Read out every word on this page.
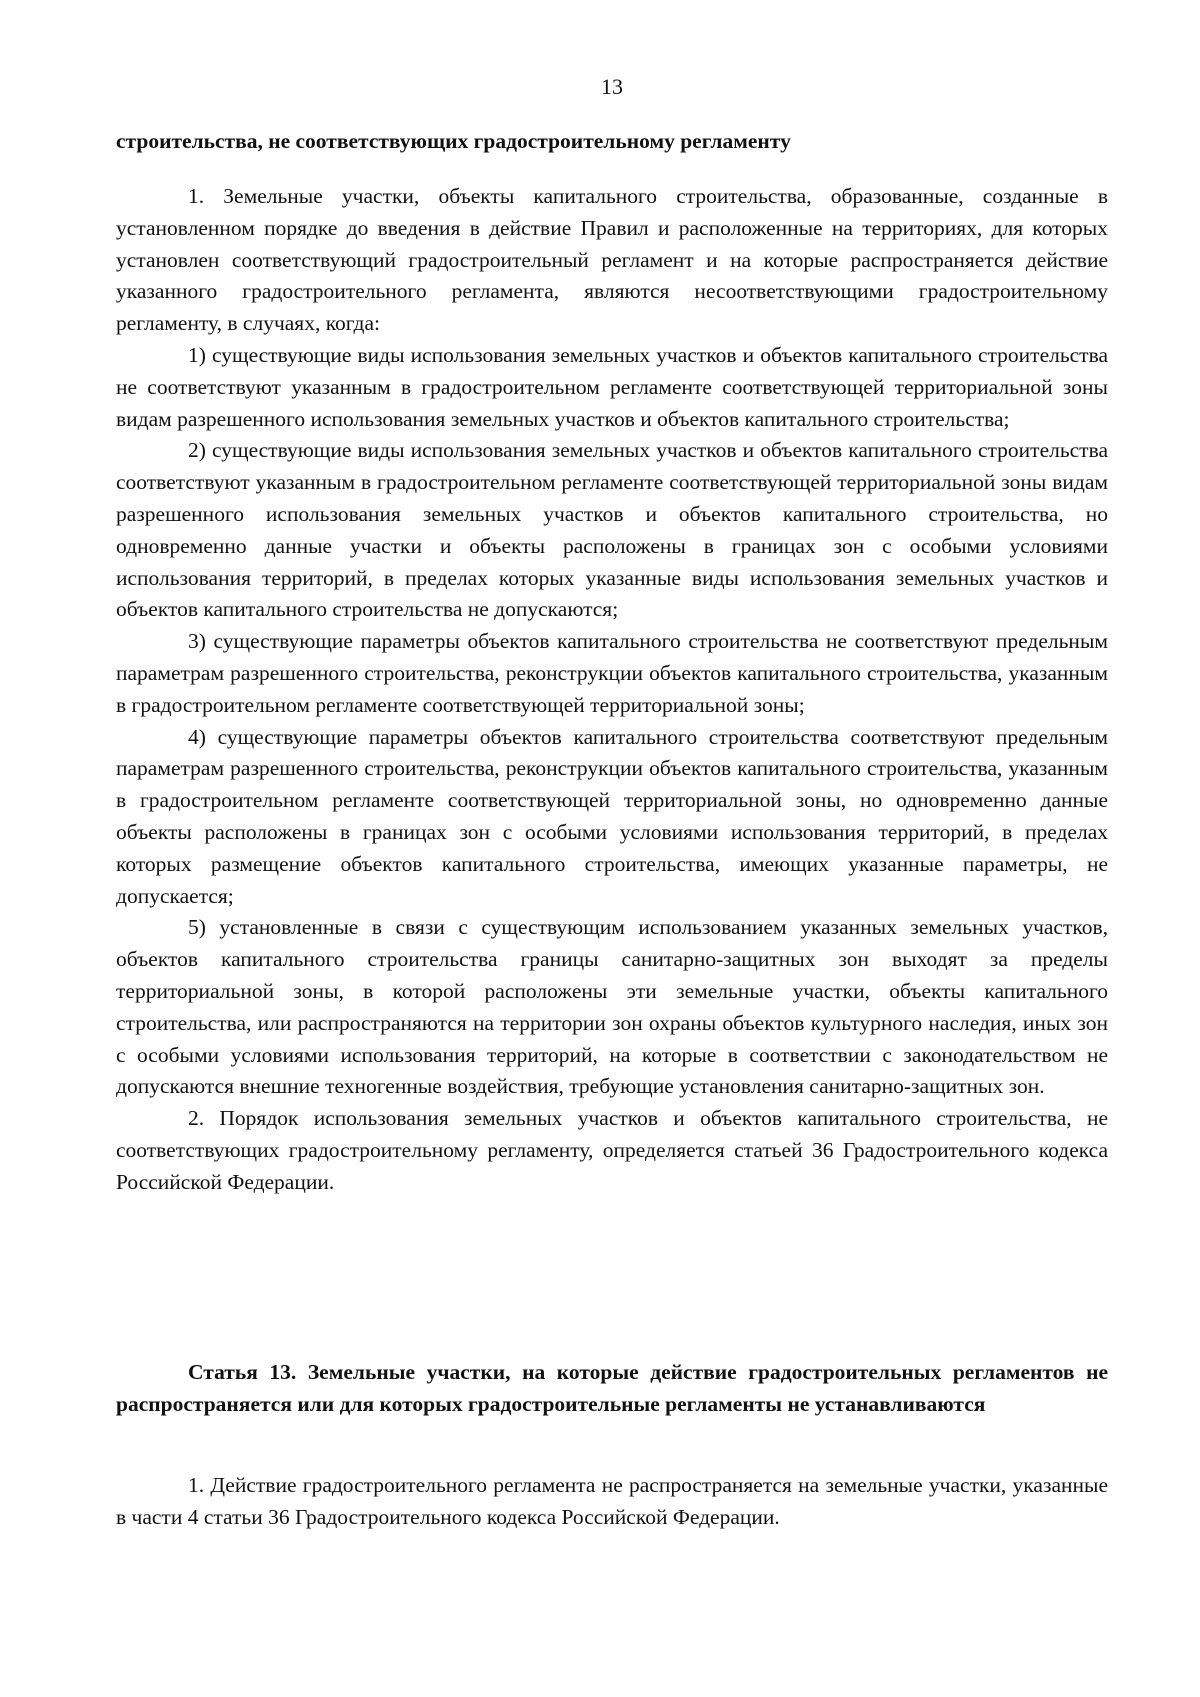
13
строительства, не соответствующих градостроительному регламенту

1. Земельные участки, объекты капитального строительства, образованные, созданные в установленном порядке до введения в действие Правил и расположенные на территориях, для которых установлен соответствующий градостроительный регламент и на которые распространяется действие указанного градостроительного регламента, являются несоответствующими градостроительному регламенту, в случаях, когда:

1) существующие виды использования земельных участков и объектов капитального строительства не соответствуют указанным в градостроительном регламенте соответствующей территориальной зоны видам разрешенного использования земельных участков и объектов капитального строительства;

2) существующие виды использования земельных участков и объектов капитального строительства соответствуют указанным в градостроительном регламенте соответствующей территориальной зоны видам разрешенного использования земельных участков и объектов капитального строительства, но одновременно данные участки и объекты расположены в границах зон с особыми условиями использования территорий, в пределах которых указанные виды использования земельных участков и объектов капитального строительства не допускаются;

3) существующие параметры объектов капитального строительства не соответствуют предельным параметрам разрешенного строительства, реконструкции объектов капитального строительства, указанным в градостроительном регламенте соответствующей территориальной зоны;

4) существующие параметры объектов капитального строительства соответствуют предельным параметрам разрешенного строительства, реконструкции объектов капитального строительства, указанным в градостроительном регламенте соответствующей территориальной зоны, но одновременно данные объекты расположены в границах зон с особыми условиями использования территорий, в пределах которых размещение объектов капитального строительства, имеющих указанные параметры, не допускается;

5) установленные в связи с существующим использованием указанных земельных участков, объектов капитального строительства границы санитарно-защитных зон выходят за пределы территориальной зоны, в которой расположены эти земельные участки, объекты капитального строительства, или распространяются на территории зон охраны объектов культурного наследия, иных зон с особыми условиями использования территорий, на которые в соответствии с законодательством не допускаются внешние техногенные воздействия, требующие установления санитарно-защитных зон.

2. Порядок использования земельных участков и объектов капитального строительства, не соответствующих градостроительному регламенту, определяется статьей 36 Градостроительного кодекса Российской Федерации.

Статья 13. Земельные участки, на которые действие градостроительных регламентов не распространяется или для которых градостроительные регламенты не устанавливаются

1. Действие градостроительного регламента не распространяется на земельные участки, указанные в части 4 статьи 36 Градостроительного кодекса Российской Федерации.
